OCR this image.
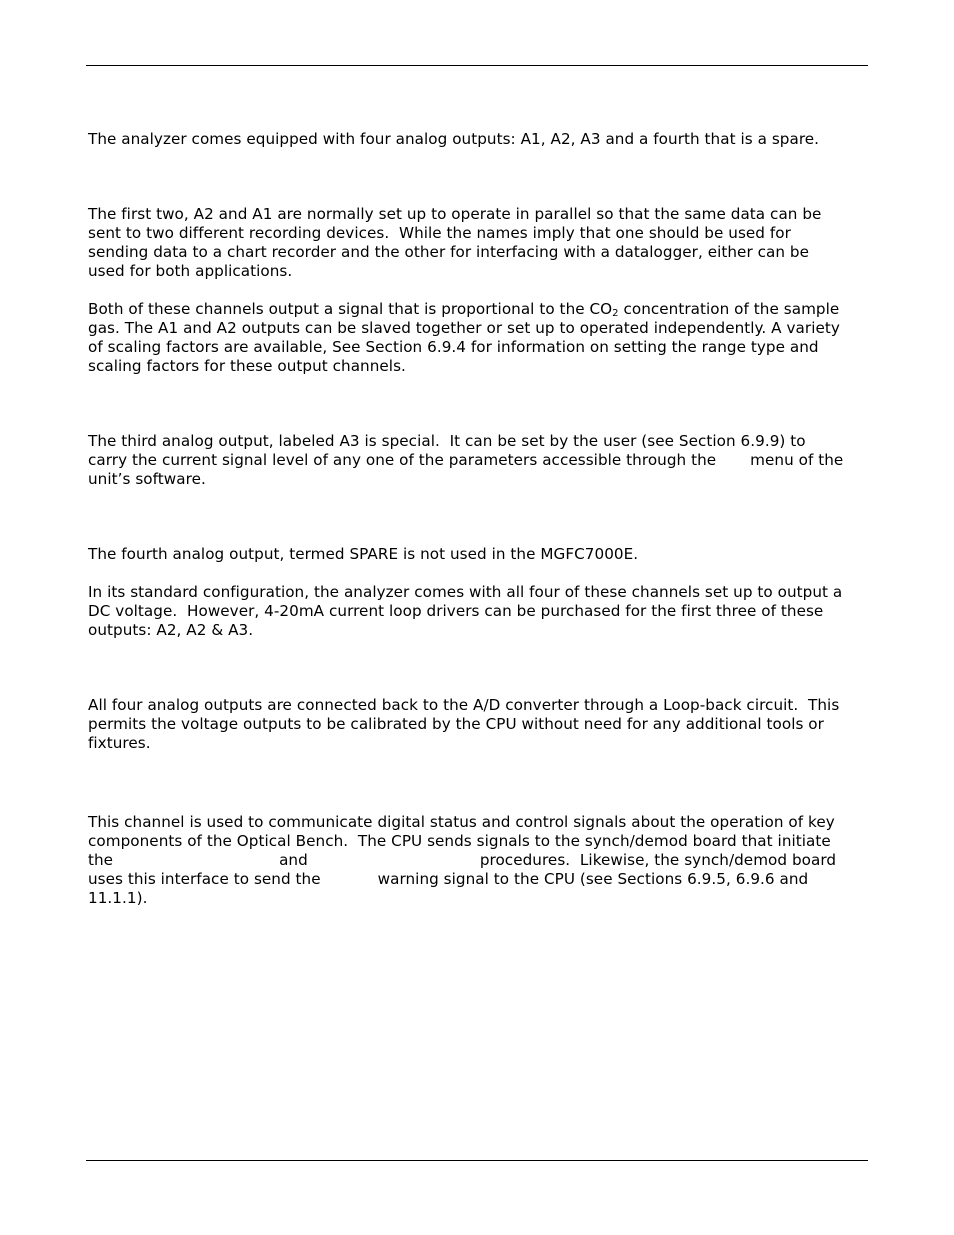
The analyzer comes equipped with four analog outputs: A1, A2, A3 and a fourth that is a spare.

The first two, A2 and A1 are normally set up to operate in parallel so that the same data can be
sent to two different recording devices.  While the names imply that one should be used for
sending data to a chart recorder and the other for interfacing with a datalogger, either can be
used for both applications.

Both of these channels output a signal that is proportional to the $CO_2$ concentration of the sample
gas. The A1 and A2 outputs can be slaved together or set up to operated independently. A variety
of scaling factors are available, See Section 6.9.4 for information on setting the range type and
scaling factors for these output channels.

The third analog output, labeled A3 is special.  It can be set by the user (see Section 6.9.9) to
carry the current signal level of any one of the parameters accessible through the menu of the
unit’s software.

The fourth analog output, termed SPARE is not used in the MGFC7000E.

In its standard configuration, the analyzer comes with all four of these channels set up to output a
DC voltage.  However, 4-20mA current loop drivers can be purchased for the first three of these
outputs: A2, A2 & A3.

All four analog outputs are connected back to the A/D converter through a Loop-back circuit.  This
permits the voltage outputs to be calibrated by the CPU without need for any additional tools or
fixtures.

This channel is used to communicate digital status and control signals about the operation of key
components of the Optical Bench.  The CPU sends signals to the synch/demod board that initiate
the	and	procedures.  Likewise, the synch/demod board
uses this interface to send the	warning signal to the CPU (see Sections 6.9.5, 6.9.6 and
11.1.1).
